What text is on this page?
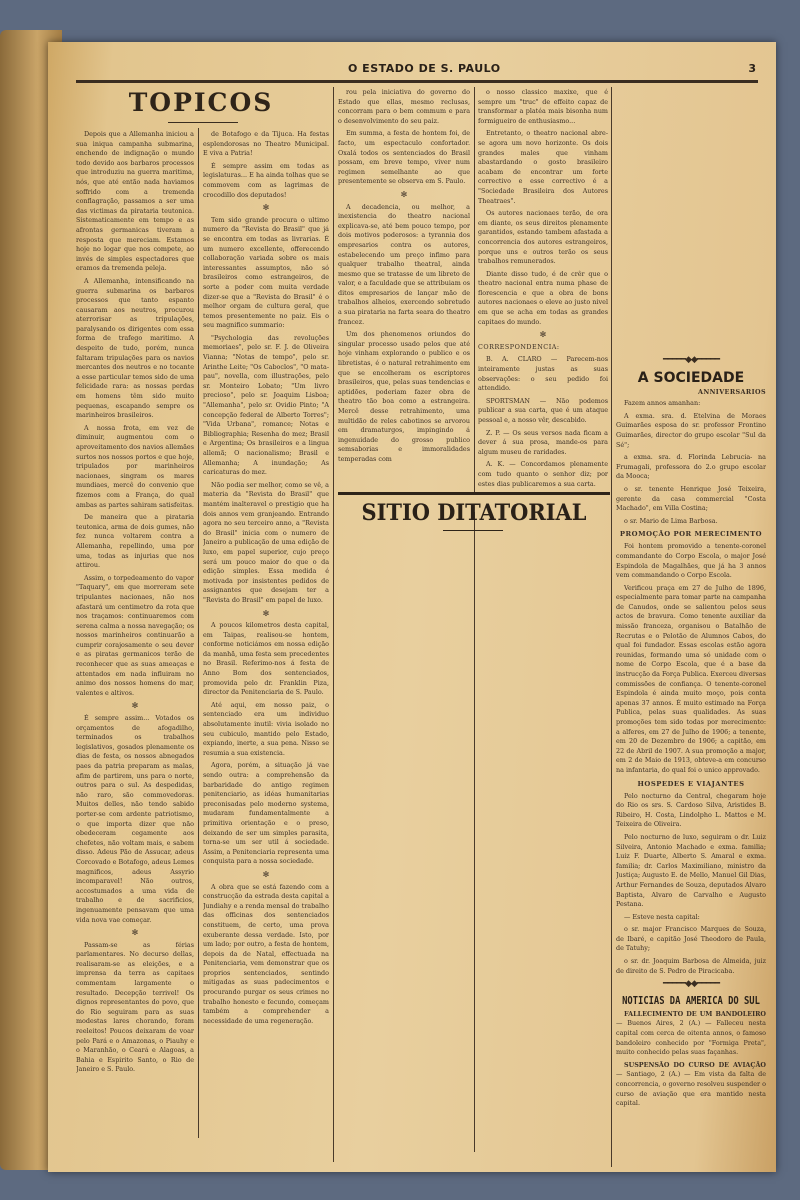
O ESTADO DE S. PAULO	3
TOPICOS

Depois que a Allemanha iniciou a sua iniqua campanha submarina, enchendo de indignação o mundo todo devido aos barbaros processos que introduziu na guerra maritima, nós, que até então nada haviamos soffrido com a tremenda conflagração, passamos a ser uma das victimas da pirataria teutonica. Sistematicamente em tempo e as afrontas germanicas tiveram a resposta que mereciam. Estamos hoje no logar que nos compete, ao invés de simples espectadores que eramos da tremenda peleja.

A Allemanha, intensificando na guerra submarina os barbaros processos que tanto espanto causaram aos neutros, procurou aterrorisar as tripulações, paralysando os dirigentes com essa forma de trafego maritimo. A despeito de tudo, porém, nunca faltaram tripulações para os navios mercantes dos neutros e no tocante a esse particular temos sido de uma felicidade rara: as nossas perdas em homens têm sido muito pequenas, escapando sempre os marinheiros brasileiros.

A nossa frota, em vez de diminuir, augmentou com o aproveitamento dos navios allemães surtos nos nossos portos e que hoje, tripulados por marinheiros nacionaes, singram os mares mundiaes, mercê do convenio que fizemos com a França, do qual ambas as partes sahiram satisfeitas.

De maneira que a pirataria teutonica, arma de dois gumes, não fez nunca voltarem contra a Allemanha, repellindo, uma por uma, todas as injurias que nos attirou.

Assim, o torpedeamento do vapor "Taquary", em que morreram sete tripulantes nacionaes, não nos afastará um centimetro da rota que nos traçamos: continuaremos com serena calma a nossa navegação; os nossos marinheiros continuarão a cumprir corajosamente o seu dever e as piratas germanicos terão de reconhecer que as suas ameaças e attentados em nada influiram no animo dos nossos homens do mar, valentes e altivos.

✻

É sempre assim... Votados os orçamentos de afogadilho, terminados os trabalhos legislativos, gosados plenamente os dias de festa, os nossos abnegados paes da patria preparam as malas, afim de partirem, uns para o norte, outros para o sul. As despedidas, não raro, são commovedoras. Muitos delles, não tendo sabido porter-se com ardente patriotismo, o que importa dizer que não obedeceram cegamente aos chefetes, não voltam mais, e sabem disso. Adeus Pão de Assucar, adeus Corcovado e Botafogo, adeus Lemes magnificos, adeus Assyrio incomparavel! Não outros, accostumados a uma vida de trabalho e de sacrificios, ingenuamente pensavam que uma vida nova vae começar.

✻

Passam-se as férias parlamentares. No decurso dellas, realisaram-se as eleições, e a imprensa da terra as capitaes commentam largamente o resultado. Decepção terrivel! Os dignos representantes do povo, que do Rio seguiram para as suas modestas lares chorando, foram reeleitos! Poucos deixaram de voar pelo Pará e o Amazonas, o Piauhy e o Maranhão, o Ceará e Alagoas, a Bahia e Espirito Santo, o Rio de Janeiro e S. Paulo.

de Botafogo e da Tijuca. Ha festas esplendorosas no Theatro Municipal. E viva a Patria!

É sempre assim em todas as legislaturas... E ha ainda tolhas que se commovem com as lagrimas de crocodillo dos deputados!

✻

Tem sido grande procura o ultimo numero da "Revista do Brasil" que já se encontra em todas as livrarias. É um numero excellente, offerecendo collaboração variada sobre os mais interessantes assumptos, não só brasileiros como estrangeiros, de sorte a poder com muita verdade dizer-se que a "Revista do Brasil" é o melhor orgam de cultura geral, que temos presentemente no paiz. Eis o seu magnifico summario:

"Psychologia das revoluções memoriaes", pelo sr. F. J. de Oliveira Vianna; "Notas de tempo", pelo sr. Arinthe Leite; "Os Caboclos", "O mata-pau", novella, com illustrações, pelo sr. Monteiro Lobato; "Um livro precioso", pelo sr. Joaquim Lisboa; "Allemanha", pelo sr. Ovidio Pinto; "A concepção federal de Alberto Torres"; "Vida Urbana", romance; Notas e Bibliographia; Resenha do mez; Brasil e Argentina; Os brasileiros e a lingua allemã; O nacionalismo; Brasil e Allemanha; A inundação; As caricaturas do mez.

Não podia ser melhor, como se vê, a materia da "Revista do Brasil" que mantém inalteravel o prestigio que ha dois annos vem granjeando. Entrando agora no seu terceiro anno, a "Revista do Brasil" inicia com o numero de Janeiro a publicação de uma edição de luxo, em papel superior, cujo preço será um pouco maior do que o da edição simples. Essa medida é motivada por insistentes pedidos de assignantes que desejam ter a "Revista do Brasil" em papel de luxo.

✻

A poucos kilometros desta capital, em Taipas, realisou-se hontem, conforme noticiámos em nossa edição da manhã, uma festa sem precedentes no Brasil. Referimo-nos á festa de Anno Bom dos sentenciados, promovida pelo dr. Franklin Piza, director da Penitenciaria de S. Paulo.

Até aqui, em nosso paiz, o sentenciado era um individuo absolutamente inutil: vivia isolado no seu cubiculo, mantido pelo Estado, expiando, inerte, a sua pena. Nisso se resumia a sua existencia.

Agora, porém, a situação já vae sendo outra: a comprehensão da barbaridade do antigo regimen penitenciario, as idéas humanitarias preconisadas pelo moderno systema, mudaram fundamentalmente a primitiva orientação e o preso, deixando de ser um simples parasita, torna-se um ser util á sociedade. Assim, a Penitenciaria representa uma conquista para a nossa sociedade.

✻

A obra que se está fazendo com a construcção da estrada desta capital a Jundiahy e a renda mensal do trabalho das officinas dos sentenciados constituem, de certo, uma prova exuberante dessa verdade. Isto, por um lado; por outro, a festa de hontem, depois da de Natal, effectuada na Penitenciaria, vem demonstrar que os proprios sentenciados, sentindo mitigadas as suas padecimentos e procurando purgar os seus crimes no trabalho honesto e fecundo, começam também a comprehender a necessidade de uma regeneração.

rou pela iniciativa do governo do Estado que ellas, mesmo reclusas, concorram para o bem commum e para o desenvolvimento do seu paiz.

Em summa, a festa de hontem foi, de facto, um espectaculo confortador. Oxalá todos os sentenciados do Brasil possam, em breve tempo, viver num regimen semelhante ao que presentemente se observa em S. Paulo.

✻

A decadencia, ou melhor, a inexistencia do theatro nacional explicava-se, até bem pouco tempo, por dois motivos poderosos: a tyrannia dos empresarios contra os autores, estabelecendo um preço infimo para qualquer trabalho theatral, ainda mesmo que se tratasse de um libreto de valor, e a faculdade que se attribuiam os ditos empresarios de lançar mão de trabalhos alheios, exercendo sobretudo a sua pirataria na farta seara do theatro francez.

Um dos phenomenos oriundos do singular processo usado pelos que até hoje vinham explorando o publico e os libretistas, é o natural retrahimento em que se encolheram os escriptores brasileiros, que, pelas suas tendencias e aptidões, poderiam fazer obra de theatro tão boa como a estrangeira. Mercê desse retrahimento, uma multidão de reles cabotinos se arvorou em dramaturgos, impingindo á ingenuidade do grosso publico semsaborias e immoralidades temperadas com

o nosso classico maxixe, que é sempre um "truc" de effeito capaz de transformar a platéa mais bisonha num formigueiro de enthusiasmo...

Entretanto, o theatro nacional abre-se agora um novo horizonte. Os dois grandes males que vinham abastardando o gosto brasileiro acabam de encontrar um forte correctivo e esse correctivo é a "Sociedade Brasileira dos Autores Theatraes".

Os autores nacionaes terão, de ora em diante, os seus direitos plenamente garantidos, estando tambem afastada a concorrencia dos autores estrangeiros, porque uns e outros terão os seus trabalhos remunerados.

Diante disso tudo, é de crêr que o theatro nacional entra numa phase de florescencia e que a obra de bons autores nacionaes o eleve ao justo nivel em que se acha em todas as grandes capitaes do mundo.

✻
CORRESPONDENCIA:

B. A. CLARO — Parecem-nos inteiramente justas as suas observações: o seu pedido foi attendido.

SPORTSMAN — Não podemos publicar a sua carta, que é um ataque pessoal e, a nosso vêr, descabido.

Z. P. — Os seus versos nada ficam a dever á sua prosa, mande-os para algum museu de raridades.

A. K. — Concordamos plenamente com tudo quanto o senhor diz; por estes dias publicaremos a sua carta.

SITIO DITATORIAL
━━━━━◆◆━━━━━
A SOCIEDADE
ANNIVERSARIOS

Fazem annos amanhan:

A exma. sra. d. Etelvina de Moraes Guimarães esposa do sr. professor Frontino Guimarães, director do grupo escolar "Sul da Sé";

a exma. sra. d. Florinda Lebrucia- na Frumagali, professora do 2.o grupo escolar da Mooca;

o sr. tenente Henrique José Teixeira, gerente da casa commercial "Costa Machado", em Villa Costina;

o sr. Mario de Lima Barbosa.

PROMOÇÃO POR MERECIMENTO

Foi hontem promovido a tenente-coronel commandante do Corpo Escola, o major José Espindola de Magalhães, que já ha 3 annos vem commandando o Corpo Escola.

Verificou praça em 27 de Julho de 1896, especialmente para tomar parte na campanha de Canudos, onde se salientou pelos seus actos de bravura. Como tenente auxiliar da missão franceza, organisou o Batalhão de Recrutas e o Pelotão de Alumnos Cabos, do qual foi fundador. Essas escolas estão agora reunidas, formando uma só unidade com o nome de Corpo Escola, que é a base da instrucção da Força Publica. Exerceu diversas commissões de confiança. O tenente-coronel Espindola é ainda muito moço, pois conta apenas 37 annos. É muito estimado na Força Publica, pelas suas qualidades. As suas promoções tem sido todas por merecimento: a alferes, em 27 de Julho de 1906; a tenente, em 20 de Dezembro de 1906; a capitão, em 22 de Abril de 1907. A sua promoção a major, em 2 de Maio de 1913, obteve-a em concurso na infantaria, do qual foi o unico approvado.

HOSPEDES E VIAJANTES

Pelo nocturno da Central, chegaram hoje do Rio os srs. S. Cardoso Silva, Aristides B. Ribeiro, H. Costa, Lindolpho L. Mattos e M. Teixeira de Oliveira.

Pelo nocturno de luxo, seguiram o dr. Luiz Silveira, Antonio Machado e exma. familia; Luiz F. Duarte, Alberto S. Amaral e exma. familia; dr. Carlos Maximiliano, ministro da Justiça; Augusto E. de Mello, Manuel Gil Dias, Arthur Fernandes de Souza, deputados Alvaro Baptista, Alvaro de Carvalho e Augusto Pestana.

— Esteve nesta capital:

o sr. major Francisco Marques de Souza, de Ibaré, e capitão José Theodoro de Paula, de Tatuhy;

o sr. dr. Joaquim Barbosa de Almeida, juiz de direito de S. Pedro de Piracicaba.

━━━━━◆◆━━━━━
NOTICIAS DA AMERICA DO SUL

FALLECIMENTO DE UM BANDOLEIRO — Buenos Aires, 2 (A.) — Falleceu nesta capital com cerca de oitenta annos, o famoso bandoleiro conhecido por "Formiga Preta", muito conhecido pelas suas façanhas.

SUSPENSÃO DO CURSO DE AVIAÇÃO — Santiago, 2 (A.) — Em vista da falta de concorrencia, o governo resolveu suspender o curso de aviação que era mantido nesta capital.
